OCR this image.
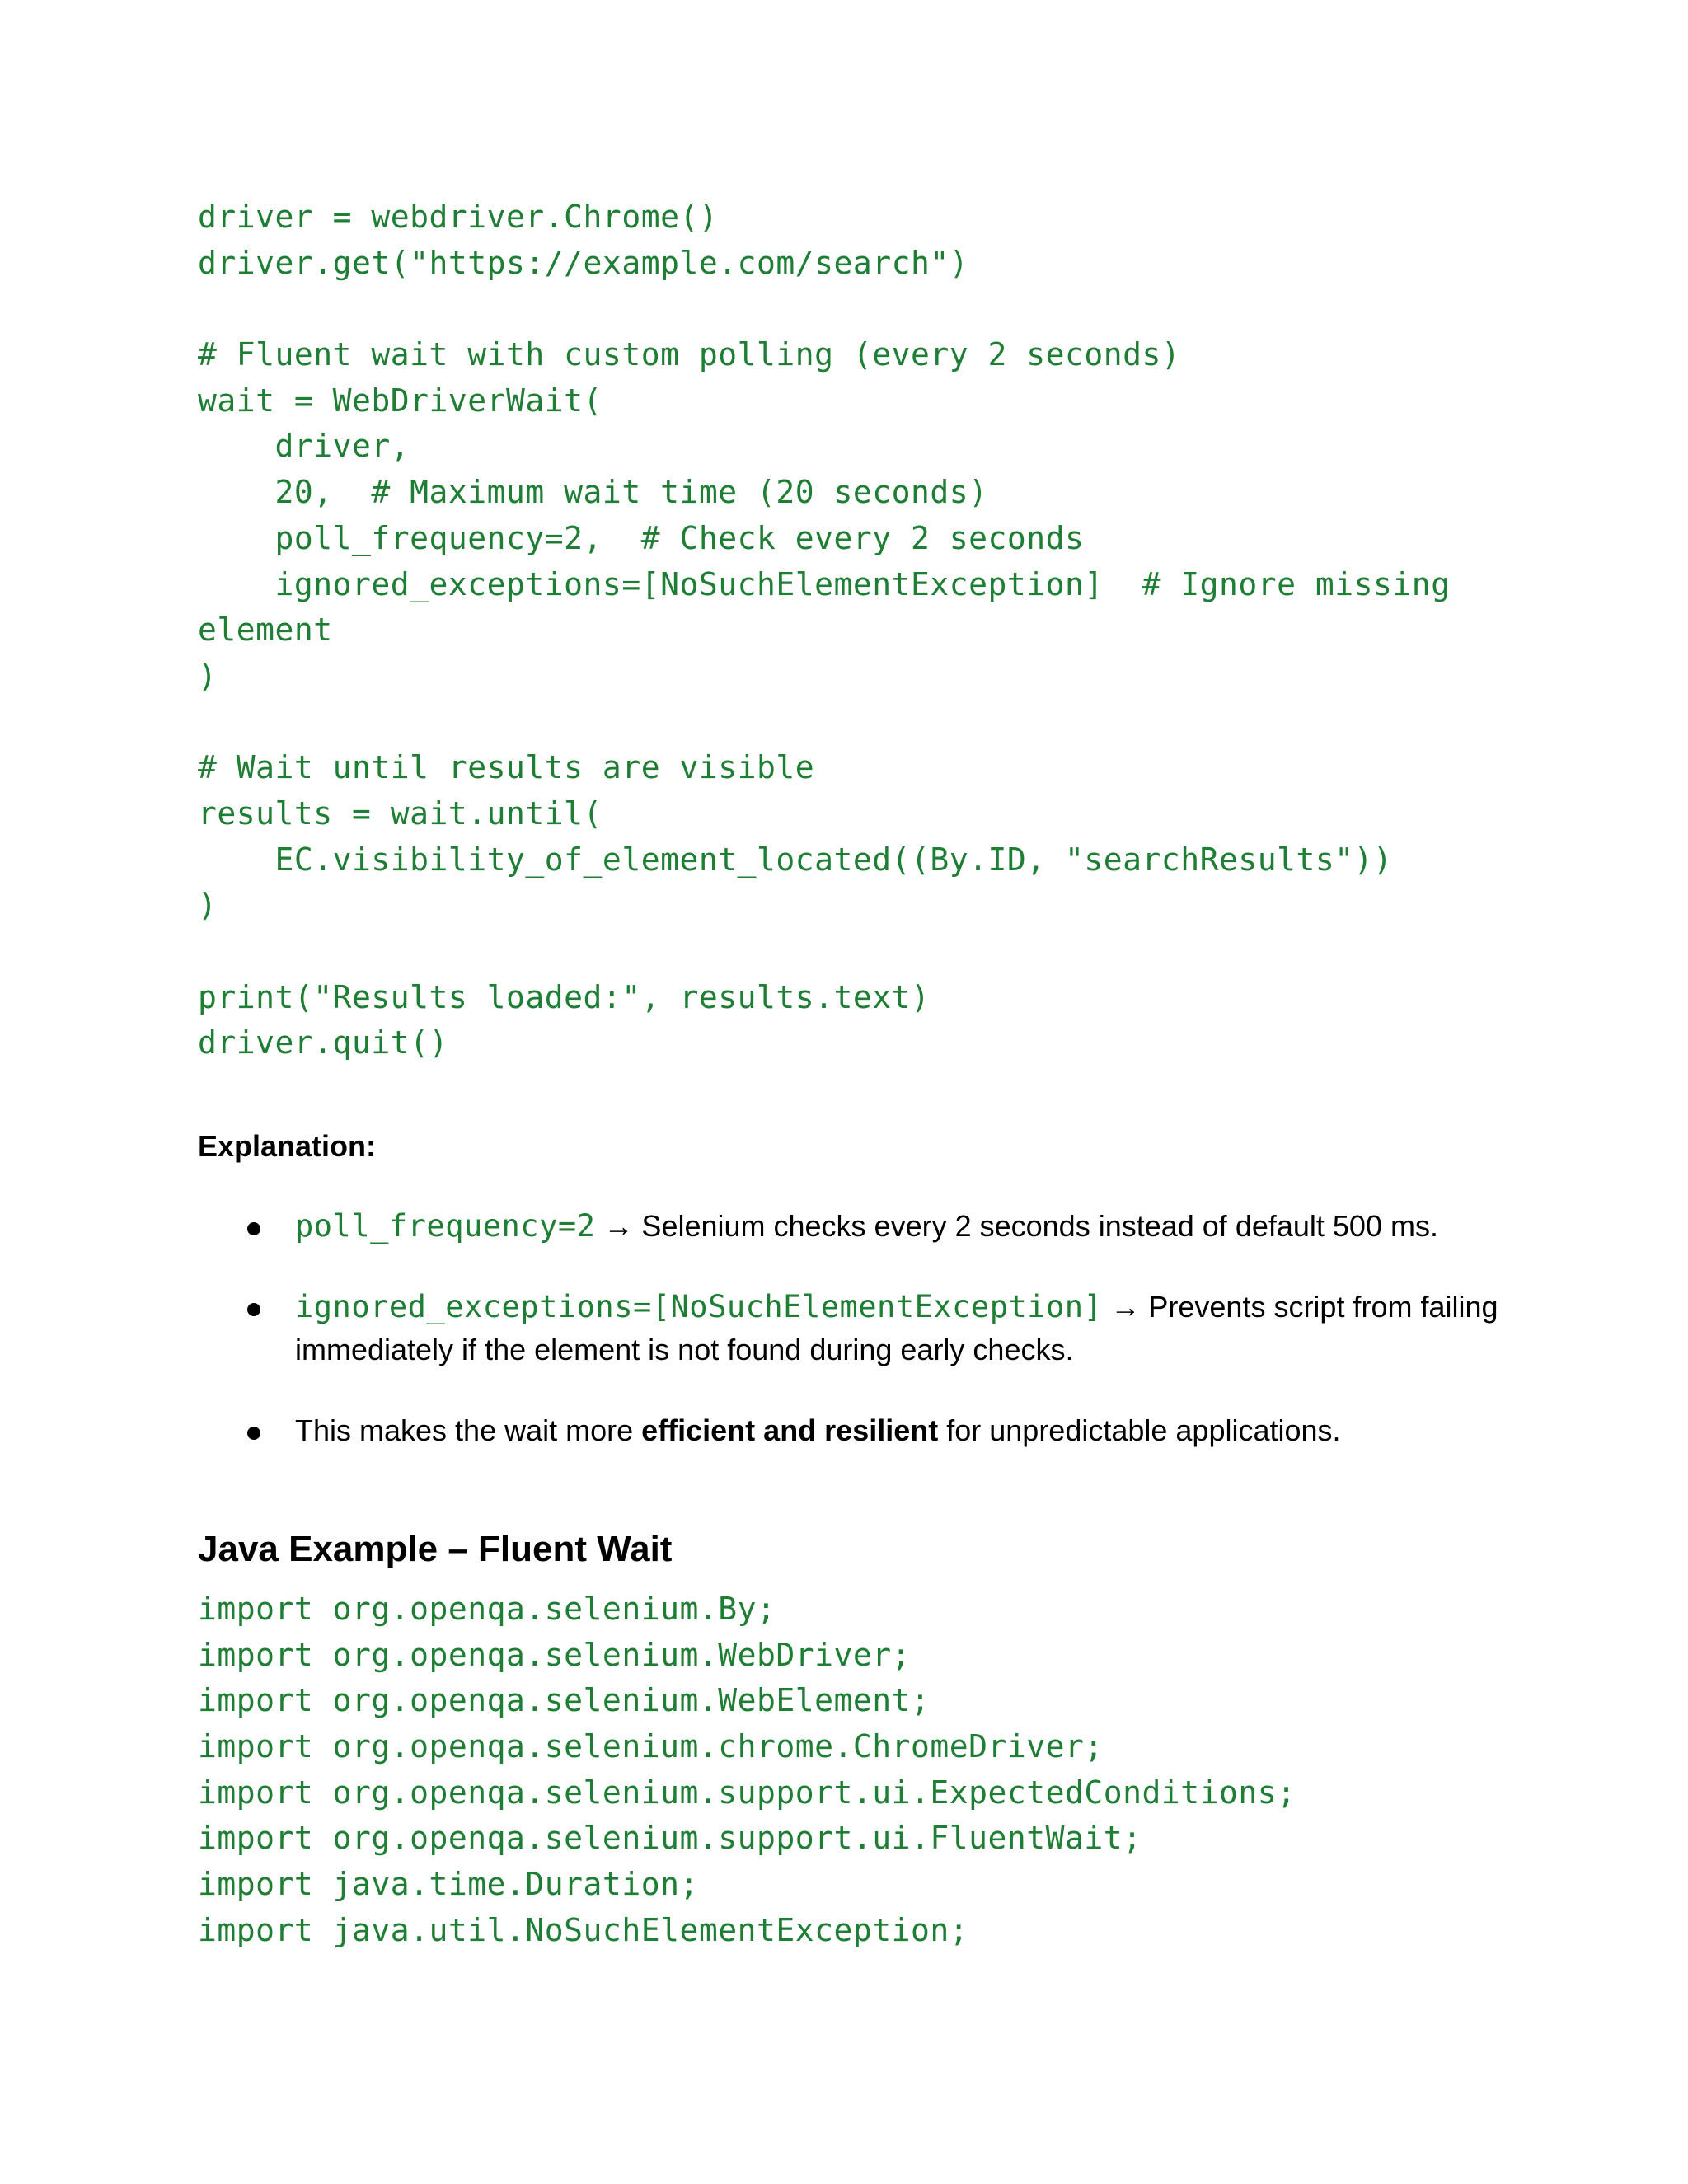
driver = webdriver.Chrome()
driver.get("https://example.com/search")
# Fluent wait with custom polling (every 2 seconds)
wait = WebDriverWait(
driver,
20,  # Maximum wait time (20 seconds)
poll_frequency=2,  # Check every 2 seconds
ignored_exceptions=[NoSuchElementException]  # Ignore missing
element
)
# Wait until results are visible
results = wait.until(
EC.visibility_of_element_located((By.ID, "searchResults"))
)
print("Results loaded:", results.text)
driver.quit()
Explanation:
poll_frequency=2 → Selenium checks every 2 seconds instead of default 500 ms.
ignored_exceptions=[NoSuchElementException] → Prevents script from failing immediately if the element is not found during early checks.
This makes the wait more efficient and resilient for unpredictable applications.
Java Example – Fluent Wait
import org.openqa.selenium.By;
import org.openqa.selenium.WebDriver;
import org.openqa.selenium.WebElement;
import org.openqa.selenium.chrome.ChromeDriver;
import org.openqa.selenium.support.ui.ExpectedConditions;
import org.openqa.selenium.support.ui.FluentWait;
import java.time.Duration;
import java.util.NoSuchElementException;
